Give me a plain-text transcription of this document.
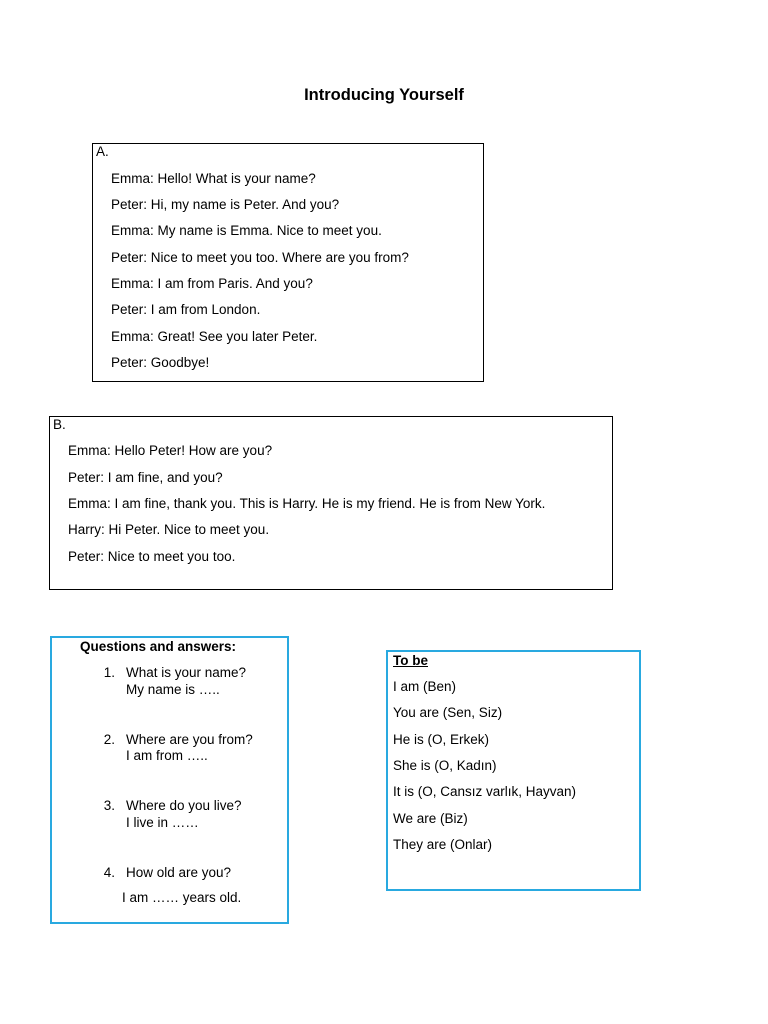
Introducing Yourself
A.
Emma: Hello! What is your name?
Peter: Hi, my name is Peter. And you?
Emma: My name is Emma. Nice to meet you.
Peter: Nice to meet you too. Where are you from?
Emma: I am from Paris. And you?
Peter: I am from London.
Emma: Great! See you later Peter.
Peter: Goodbye!
B.
Emma: Hello Peter! How are you?
Peter: I am fine, and you?
Emma: I am fine, thank you. This is Harry. He is my friend. He is from New York.
Harry: Hi Peter. Nice to meet you.
Peter: Nice to meet you too.
Questions and answers:
1. What is your name?
My name is …..
2. Where are you from?
I am from …..
3. Where do you live?
I live in ……
4. How old are you?
I am …… years old.
To be
I am (Ben)
You are (Sen, Siz)
He is (O, Erkek)
She is (O, Kadın)
It is (O, Cansız varlık, Hayvan)
We are (Biz)
They are (Onlar)
